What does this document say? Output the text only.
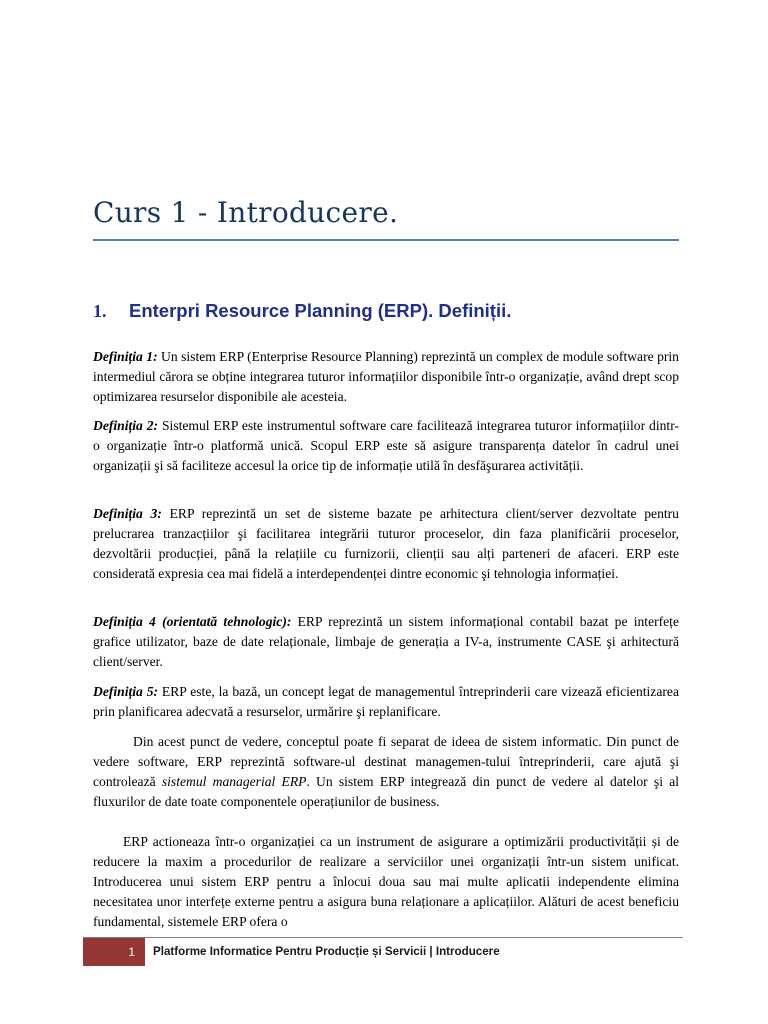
Curs 1 - Introducere.
1. Enterpri Resource Planning (ERP). Definiții.

Definiția 1: Un sistem ERP (Enterprise Resource Planning) reprezintă un complex de module software prin intermediul cărora se obține integrarea tuturor informațiilor disponibile într-o organizație, având drept scop optimizarea resurselor disponibile ale acesteia.

Definiția 2: Sistemul ERP este instrumentul software care facilitează integrarea tuturor informațiilor dintr-o organizație într-o platformă unică. Scopul ERP este să asigure transparența datelor în cadrul unei organizații şi să faciliteze accesul la orice tip de informație utilă în desfăşurarea activității.

Definiția 3: ERP reprezintă un set de sisteme bazate pe arhitectura client/server dezvoltate pentru prelucrarea tranzacțiilor şi facilitarea integrării tuturor proceselor, din faza planificării proceselor, dezvoltării producției, până la relațiile cu furnizorii, clienții sau alți parteneri de afaceri. ERP este considerată expresia cea mai fidelă a interdependenței dintre economic şi tehnologia informației.

Definiția 4 (orientată tehnologic): ERP reprezintă un sistem informațional contabil bazat pe interfețe grafice utilizator, baze de date relaționale, limbaje de generația a IV-a, instrumente CASE şi arhitectură client/server.

Definiția 5: ERP este, la bază, un concept legat de managementul întreprinderii care vizează eficientizarea prin planificarea adecvată a resurselor, urmărire şi replanificare.

Din acest punct de vedere, conceptul poate fi separat de ideea de sistem informatic. Din punct de vedere software, ERP reprezintă software-ul destinat managemen-tului întreprinderii, care ajută şi controlează sistemul managerial ERP. Un sistem ERP integrează din punct de vedere al datelor şi al fluxurilor de date toate componentele operațiunilor de business.

ERP actioneaza într-o organizației ca un instrument de asigurare a optimizării productivității și de reducere la maxim a procedurilor de realizare a serviciilor unei organizații într-un sistem unificat. Introducerea unui sistem ERP pentru a înlocui doua sau mai multe aplicatii independente elimina necesitatea unor interfețe externe pentru a asigura buna relaționare a aplicațiilor. Alături de acest beneficiu fundamental, sistemele ERP ofera o

1	Platforme Informatice Pentru Producție și Servicii | Introducere
